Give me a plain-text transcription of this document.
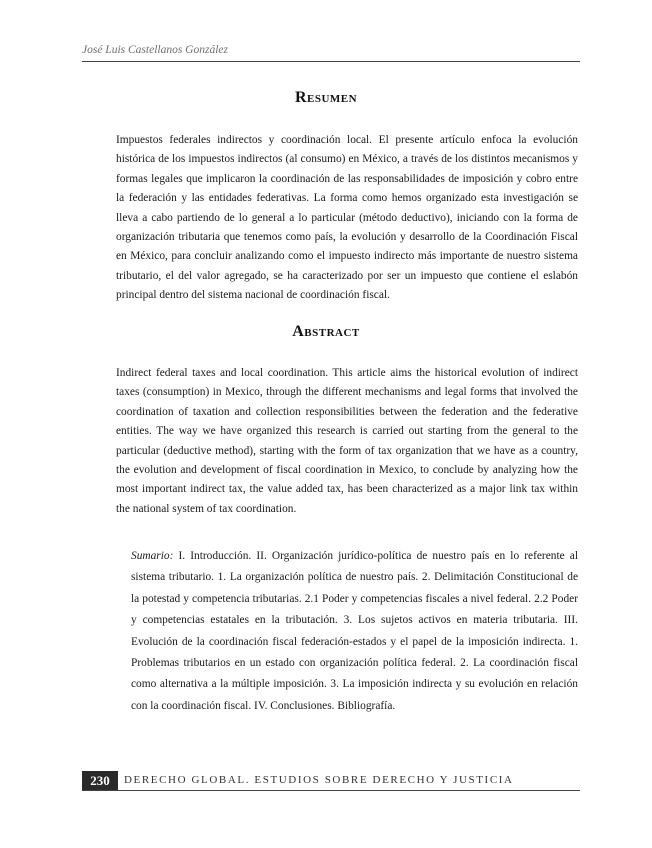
José Luis Castellanos González
Resumen

Impuestos federales indirectos y coordinación local. El presente artículo enfoca la evolución histórica de los impuestos indirectos (al consumo) en México, a través de los distintos mecanismos y formas legales que implicaron la coordinación de las responsabilidades de imposición y cobro entre la federación y las entidades federativas. La forma como hemos organizado esta investigación se lleva a cabo partiendo de lo general a lo particular (método deductivo), iniciando con la forma de organización tributaria que tenemos como país, la evolución y desarrollo de la Coordinación Fiscal en México, para concluir analizando como el impuesto indirecto más importante de nuestro sistema tributario, el del valor agregado, se ha caracterizado por ser un impuesto que contiene el eslabón principal dentro del sistema nacional de coordinación fiscal.

Abstract

Indirect federal taxes and local coordination. This article aims the historical evolution of indirect taxes (consumption) in Mexico, through the different mechanisms and legal forms that involved the coordination of taxation and collection responsibilities between the federation and the federative entities. The way we have organized this research is carried out starting from the general to the particular (deductive method), starting with the form of tax organization that we have as a country, the evolution and development of fiscal coordination in Mexico, to conclude by analyzing how the most important indirect tax, the value added tax, has been characterized as a major link tax within the national system of tax coordination.

Sumario: I. Introducción. II. Organización jurídico-política de nuestro país en lo referente al sistema tributario. 1. La organización política de nuestro país. 2. Delimitación Constitucional de la potestad y competencia tributarias. 2.1 Poder y competencias fiscales a nivel federal. 2.2 Poder y competencias estatales en la tributación. 3. Los sujetos activos en materia tributaria. III. Evolución de la coordinación fiscal federación-estados y el papel de la imposición indirecta. 1. Problemas tributarios en un estado con organización política federal. 2. La coordinación fiscal como alternativa a la múltiple imposición. 3. La imposición indirecta y su evolución en relación con la coordinación fiscal. IV. Conclusiones. Bibliografía.

230	DERECHO GLOBAL. ESTUDIOS SOBRE DERECHO Y JUSTICIA
